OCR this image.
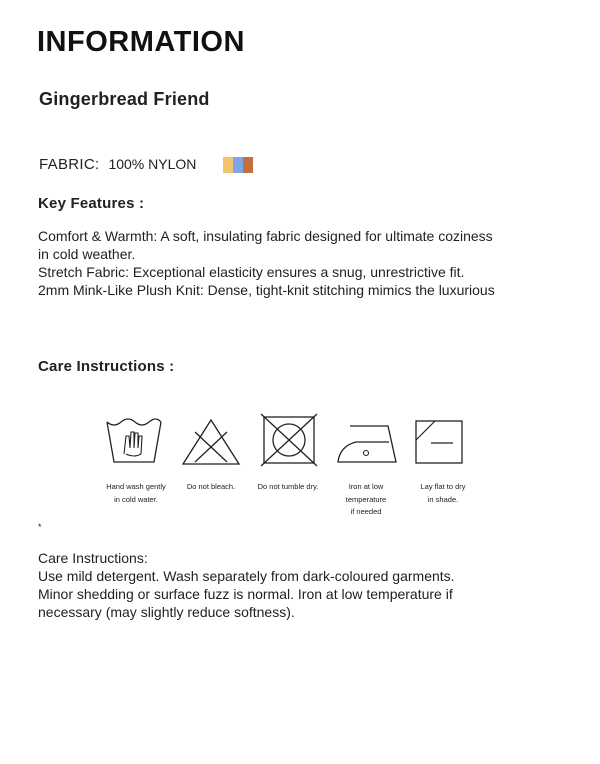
INFORMATION
Gingerbread Friend
FABRIC: 100% NYLON
Key Features :
Comfort & Warmth: A soft, insulating fabric designed for ultimate coziness
in cold weather.
Stretch Fabric: Exceptional elasticity ensures a snug, unrestrictive fit.
2mm Mink-Like Plush Knit: Dense, tight-knit stitching mimics the luxurious
Care Instructions :
Hand wash gently
in cold water.
Do not bleach.	Do not tumble dry.	Iron at low
temperature
if needed
Lay flat to dry
in shade.
*
Care Instructions:
Use mild detergent. Wash separately from dark-coloured garments.
Minor shedding or surface fuzz is normal. Iron at low temperature if
necessary (may slightly reduce softness).
